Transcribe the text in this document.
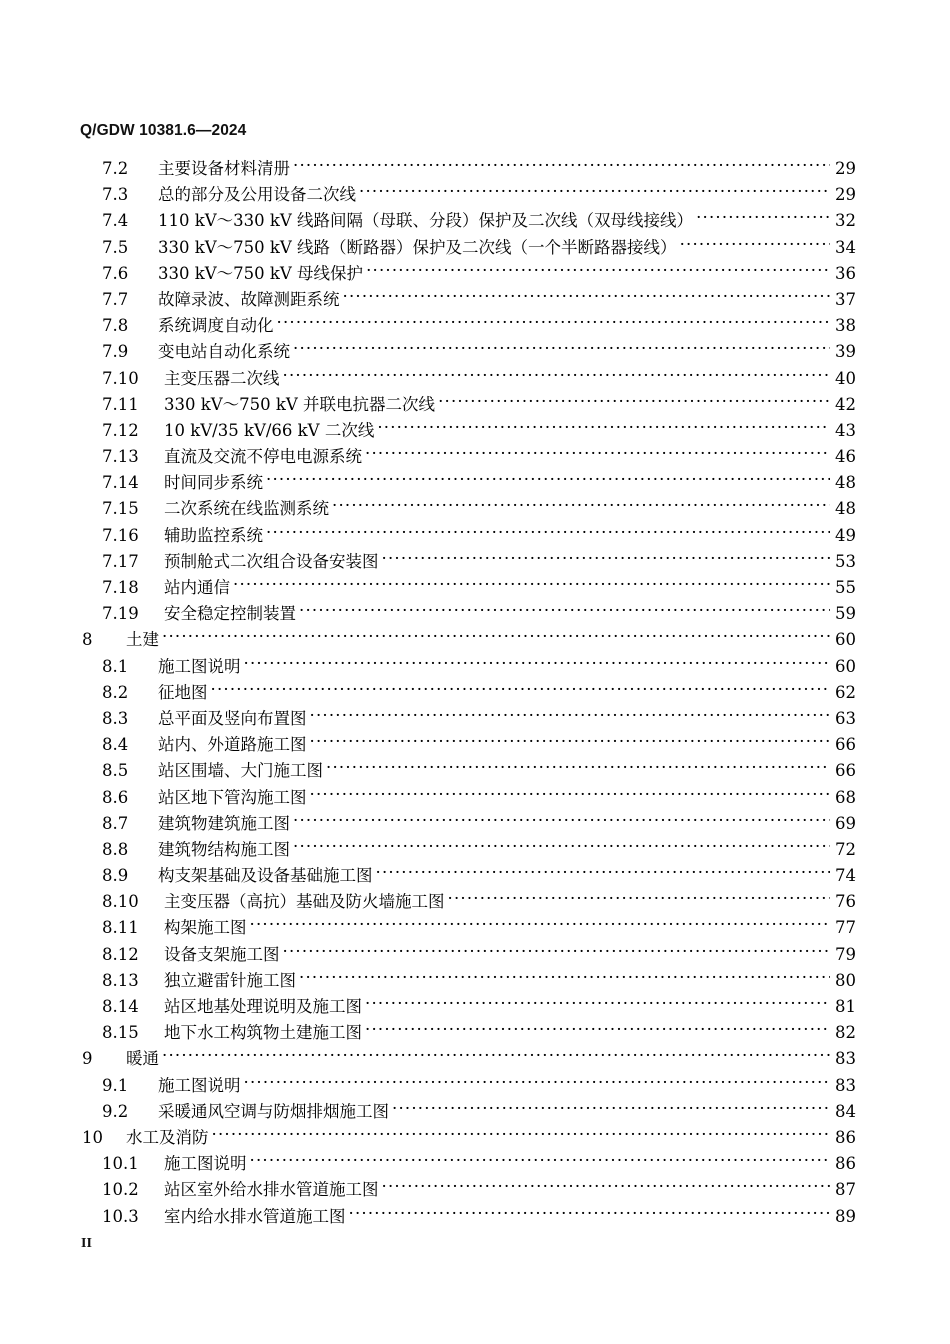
Q/GDW 10381.6—2024
7.2	主要设备材料清册 ·····	29
7.3	总的部分及公用设备二次线 ·····	29
7.4	110 kV～330 kV 线路间隔（母联、分段）保护及二次线（双母线接线） ·····	32
7.5	330 kV～750 kV 线路（断路器）保护及二次线（一个半断路器接线） ·····	34
7.6	330 kV～750 kV 母线保护 ·····	36
7.7	故障录波、故障测距系统 ·····	37
7.8	系统调度自动化 ·····	38
7.9	变电站自动化系统 ·····	39
7.10	主变压器二次线 ·····	40
7.11	330 kV～750 kV 并联电抗器二次线 ·····	42
7.12	10 kV/35 kV/66 kV 二次线 ·····	43
7.13	直流及交流不停电电源系统 ·····	46
7.14	时间同步系统 ·····	48
7.15	二次系统在线监测系统 ·····	48
7.16	辅助监控系统 ·····	49
7.17	预制舱式二次组合设备安装图 ·····	53
7.18	站内通信 ·····	55
7.19	安全稳定控制装置 ·····	59
8	土建 ·····	60
8.1	施工图说明 ·····	60
8.2	征地图 ·····	62
8.3	总平面及竖向布置图 ·····	63
8.4	站内、外道路施工图 ·····	66
8.5	站区围墙、大门施工图 ·····	66
8.6	站区地下管沟施工图 ·····	68
8.7	建筑物建筑施工图 ·····	69
8.8	建筑物结构施工图 ·····	72
8.9	构支架基础及设备基础施工图 ·····	74
8.10	主变压器（高抗）基础及防火墙施工图 ·····	76
8.11	构架施工图 ·····	77
8.12	设备支架施工图 ·····	79
8.13	独立避雷针施工图 ·····	80
8.14	站区地基处理说明及施工图 ·····	81
8.15	地下水工构筑物土建施工图 ·····	82
9	暖通 ·····	83
9.1	施工图说明 ·····	83
9.2	采暖通风空调与防烟排烟施工图 ·····	84
10	水工及消防 ·····	86
10.1	施工图说明 ·····	86
10.2	站区室外给水排水管道施工图 ·····	87
10.3	室内给水排水管道施工图 ·····	89
II
